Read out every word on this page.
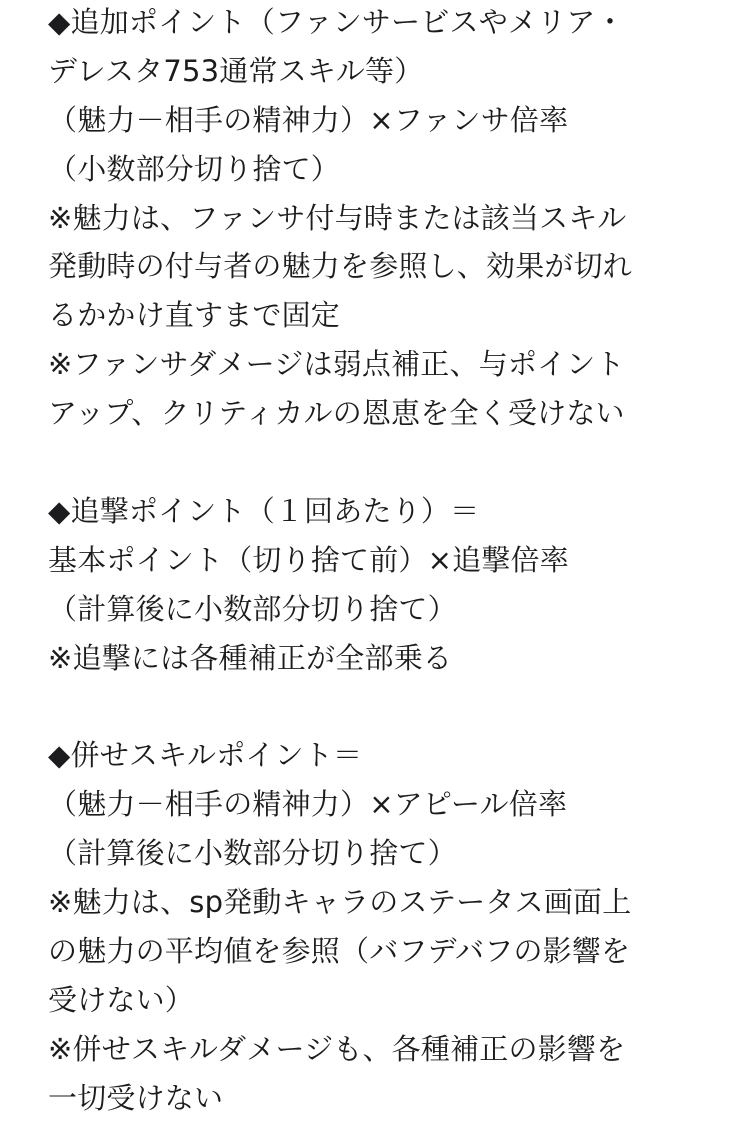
◆追加ポイント（ファンサービスやメリア・
デレスタ753通常スキル等）
（魅力－相手の精神力）×ファンサ倍率
（小数部分切り捨て）
※魅力は、ファンサ付与時または該当スキル
発動時の付与者の魅力を参照し、効果が切れ
るかかけ直すまで固定
※ファンサダメージは弱点補正、与ポイント
アップ、クリティカルの恩恵を全く受けない
◆追撃ポイント（１回あたり）＝
基本ポイント（切り捨て前）×追撃倍率
（計算後に小数部分切り捨て）
※追撃には各種補正が全部乗る
◆併せスキルポイント＝
（魅力－相手の精神力）×アピール倍率
（計算後に小数部分切り捨て）
※魅力は、sp発動キャラのステータス画面上
の魅力の平均値を参照（バフデバフの影響を
受けない）
※併せスキルダメージも、各種補正の影響を
一切受けない
